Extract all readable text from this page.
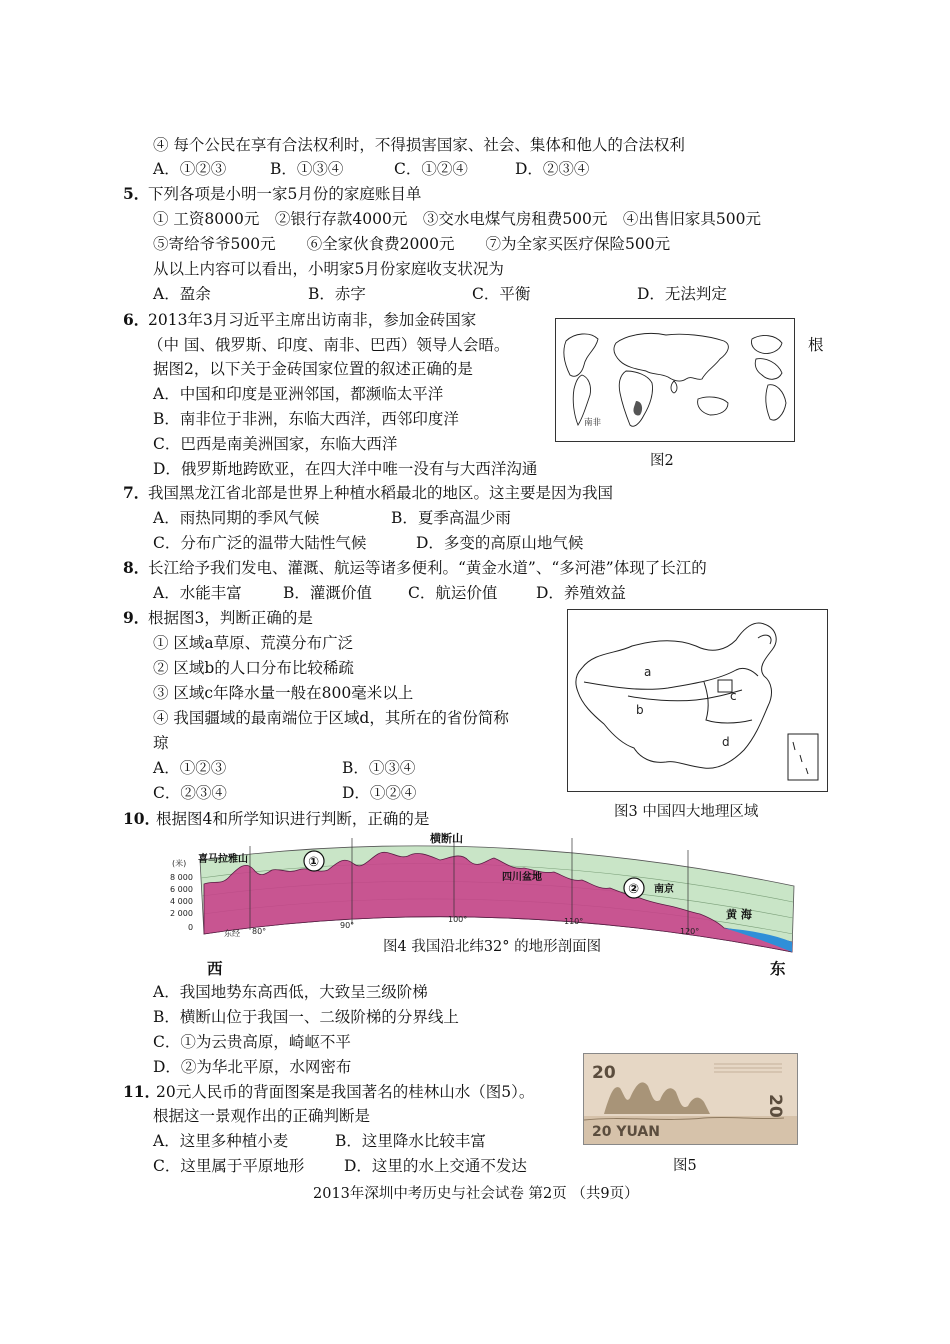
④ 每个公民在享有合法权利时，不得损害国家、社会、集体和他人的合法权利
A．①②③	B．①③④	C．①②④	D．②③④
5．
下列各项是小明一家5月份的家庭账目单
① 工资8000元　②银行存款4000元　③交水电煤气房租费500元　④出售旧家具500元
⑤寄给爷爷500元　　⑥全家伙食费2000元　　⑦为全家买医疗保险500元
从以上内容可以看出，小明家5月份家庭收支状况为
A．盈余	B．赤字	C．平衡	D．无法判定
6．
2013年3月习近平主席出访南非，参加金砖国家
（中 国、俄罗斯、印度、南非、巴西）领导人会晤。	根
据图2，以下关于金砖国家位置的叙述正确的是
A．中国和印度是亚洲邻国，都濒临太平洋
B．南非位于非洲，东临大西洋，西邻印度洋
C．巴西是南美洲国家，东临大西洋
D．俄罗斯地跨欧亚，在四大洋中唯一没有与大西洋沟通
南非
图2
7．
我国黑龙江省北部是世界上种植水稻最北的地区。这主要是因为我国
A．雨热同期的季风气候	B．夏季高温少雨
C．分布广泛的温带大陆性气候	D．多变的高原山地气候
8．
长江给予我们发电、灌溉、航运等诸多便利。“黄金水道”、“多河港”体现了长江的
A．水能丰富	B．灌溉价值 C．航运价值 D．养殖效益
9．
根据图3，判断正确的是
① 区域a草原、荒漠分布广泛
② 区域b的人口分布比较稀疏
③ 区域c年降水量一般在800毫米以上
④ 我国疆域的最南端位于区域d，其所在的省份简称
琼
A．①②③	B．①③④
C．②③④	D．①②④
a
b
c
d
图3 中国四大地理区域
10．
根据图4和所学知识进行判断，正确的是
(米)
8 000
6 000
4 000
2 000
0
东经 80°
90°
100°	110°
120°
横断山
喜马拉雅山
四川盆地
南京
黄 海
①
②
图4 我国沿北纬32° 的地形剖面图
西	东
A．我国地势东高西低，大致呈三级阶梯
B．横断山位于我国一、二级阶梯的分界线上
C．①为云贵高原，崎岖不平
D．②为华北平原，水网密布
11．
20元人民币的背面图案是我国著名的桂林山水（图5）。
根据这一景观作出的正确判断是
A．这里多种植小麦	B．这里降水比较丰富
C．这里属于平原地形	D．这里的水上交通不发达
20
20 YUAN
20
图5
2013年深圳中考历史与社会试卷 第2页 （共9页）
